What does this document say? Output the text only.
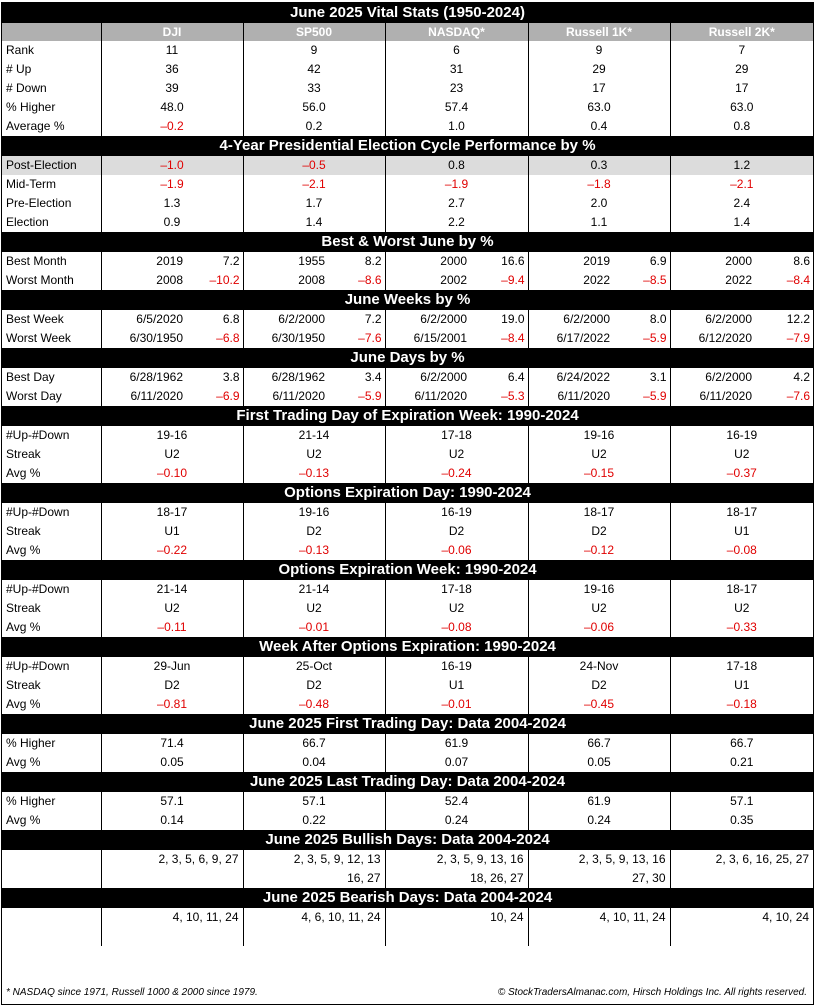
June 2025 Vital Stats (1950-2024)										
	DJI		SP500		NASDAQ*		Russell 1K*		Russell 2K*	
Rank	11		9		6		9		7	
# Up	36		42		31		29		29	
# Down	39		33		23		17		17	
% Higher	48.0		56.0		57.4		63.0		63.0	
Average %	–0.2		0.2		1.0		0.4		0.8	
4-Year Presidential Election Cycle Performance by %										
Post-Election	–1.0		–0.5		0.8		0.3		1.2	
Mid-Term	–1.9		–2.1		–1.9		–1.8		–2.1	
Pre-Election	1.3		1.7		2.7		2.0		2.4	
Election	0.9		1.4		2.2		1.1		1.4	
Best & Worst June by %										
Best Month	2019	7.2	1955	8.2	2000	16.6	2019	6.9	2000	8.6
Worst Month	2008	–10.2	2008	–8.6	2002	–9.4	2022	–8.5	2022	–8.4
June Weeks by %										
Best Week	6/5/2020	6.8	6/2/2000	7.2	6/2/2000	19.0	6/2/2000	8.0	6/2/2000	12.2
Worst Week	6/30/1950	–6.8	6/30/1950	–7.6	6/15/2001	–8.4	6/17/2022	–5.9	6/12/2020	–7.9
June Days by %										
Best Day	6/28/1962	3.8	6/28/1962	3.4	6/2/2000	6.4	6/24/2022	3.1	6/2/2000	4.2
Worst Day	6/11/2020	–6.9	6/11/2020	–5.9	6/11/2020	–5.3	6/11/2020	–5.9	6/11/2020	–7.6
First Trading Day of Expiration Week: 1990-2024										
#Up-#Down	19-16		21-14		17-18		19-16		16-19	
Streak	U2		U2		U2		U2		U2	
Avg %	–0.10		–0.13		–0.24		–0.15		–0.37	
Options Expiration Day: 1990-2024										
#Up-#Down	18-17		19-16		16-19		18-17		18-17	
Streak	U1		D2		D2		D2		U1	
Avg %	–0.22		–0.13		–0.06		–0.12		–0.08	
Options Expiration Week: 1990-2024										
#Up-#Down	21-14		21-14		17-18		19-16		18-17	
Streak	U2		U2		U2		U2		U2	
Avg %	–0.11		–0.01		–0.08		–0.06		–0.33	
Week After Options Expiration: 1990-2024										
#Up-#Down	29-Jun		25-Oct		16-19		24-Nov		17-18	
Streak	D2		D2		U1		D2		U1	
Avg %	–0.81		–0.48		–0.01		–0.45		–0.18	
June 2025 First Trading Day: Data 2004-2024										
% Higher	71.4		66.7		61.9		66.7		66.7	
Avg %	0.05		0.04		0.07		0.05		0.21	
June 2025 Last Trading Day: Data 2004-2024										
% Higher	57.1		57.1		52.4		61.9		57.1	
Avg %	0.14		0.22		0.24		0.24		0.35	
June 2025 Bullish Days: Data 2004-2024										
	2, 3, 5, 6, 9, 27		2, 3, 5, 9, 12, 13		2, 3, 5, 9, 13, 16		2, 3, 5, 9, 13, 16		2, 3, 6, 16, 25, 27	
			16, 27		18, 26, 27		27, 30			
June 2025 Bearish Days: Data 2004-2024										
	4, 10, 11, 24		4, 6, 10, 11, 24		10, 24		4, 10, 11, 24		4, 10, 24	

* NASDAQ since 1971, Russell 1000 & 2000 since 1979.	© StockTradersAlmanac.com, Hirsch Holdings Inc. All rights reserved.
